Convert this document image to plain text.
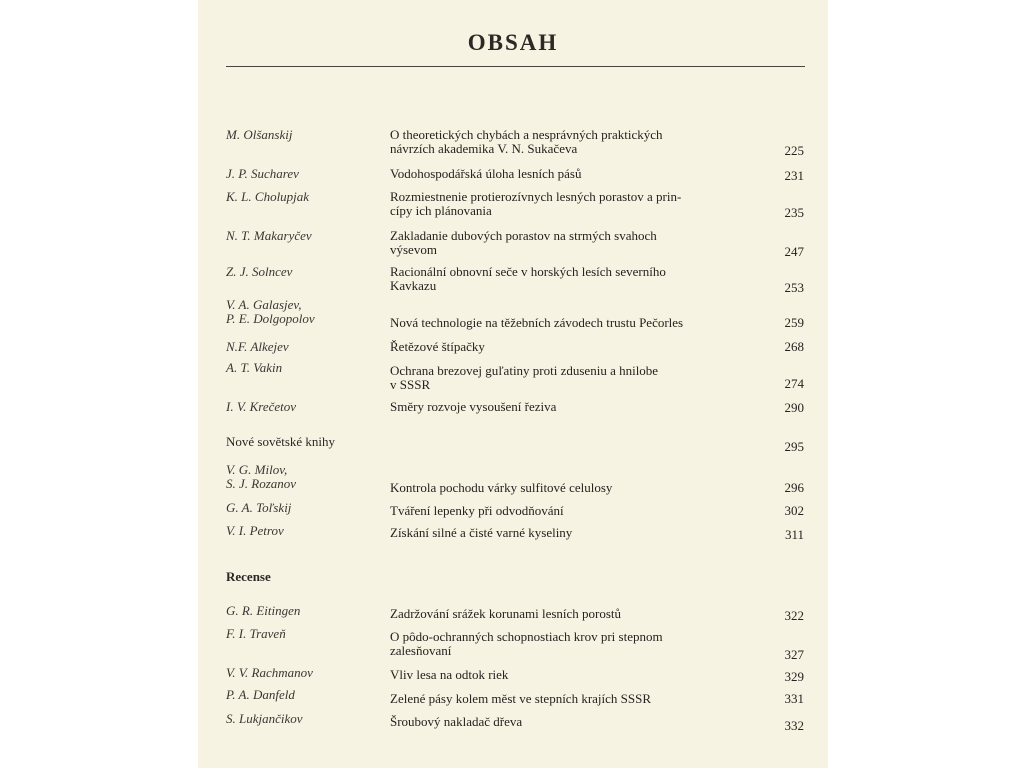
OBSAH
M. Olšanskij	O theoretických chybách a nesprávných praktických
návrzích akademika V. N. Sukačeva	225
J. P. Sucharev	Vodohospodářská úloha lesních pásů	231
K. L. Cholupjak	Rozmiestnenie protierozívnych lesných porastov a prin-
cípy ich plánovania	235
N. T. Makaryčev	Zakladanie dubových porastov na strmých svahoch
výsevom	247
Z. J. Solncev	Racionální obnovní seče v horských lesích severního
Kavkazu	253
V. A. Galasjev,
P. E. Dolgopolov	Nová technologie na těžebních závodech trustu Pečorles	259
N.F. Alkejev	Řetězové štípačky	268
A. T. Vakin	Ochrana brezovej guľatiny proti zduseniu a hnilobe
v SSSR	274
I. V. Krečetov	Směry rozvoje vysoušení řeziva	290
Nové sovětské knihy	295
V. G. Milov,
S. J. Rozanov	Kontrola pochodu várky sulfitové celulosy	296
G. A. Toľskij	Tváření lepenky při odvodňování	302
V. I. Petrov	Získání silné a čisté varné kyseliny	311
Recense
G. R. Eitingen	Zadržování srážek korunami lesních porostů	322
F. I. Traveň	O pôdo-ochranných schopnostiach krov pri stepnom
zalesňovaní	327
V. V. Rachmanov	Vliv lesa na odtok riek	329
P. A. Danfeld	Zelené pásy kolem měst ve stepních krajích SSSR	331
S. Lukjančikov	Šroubový nakladač dřeva	332
